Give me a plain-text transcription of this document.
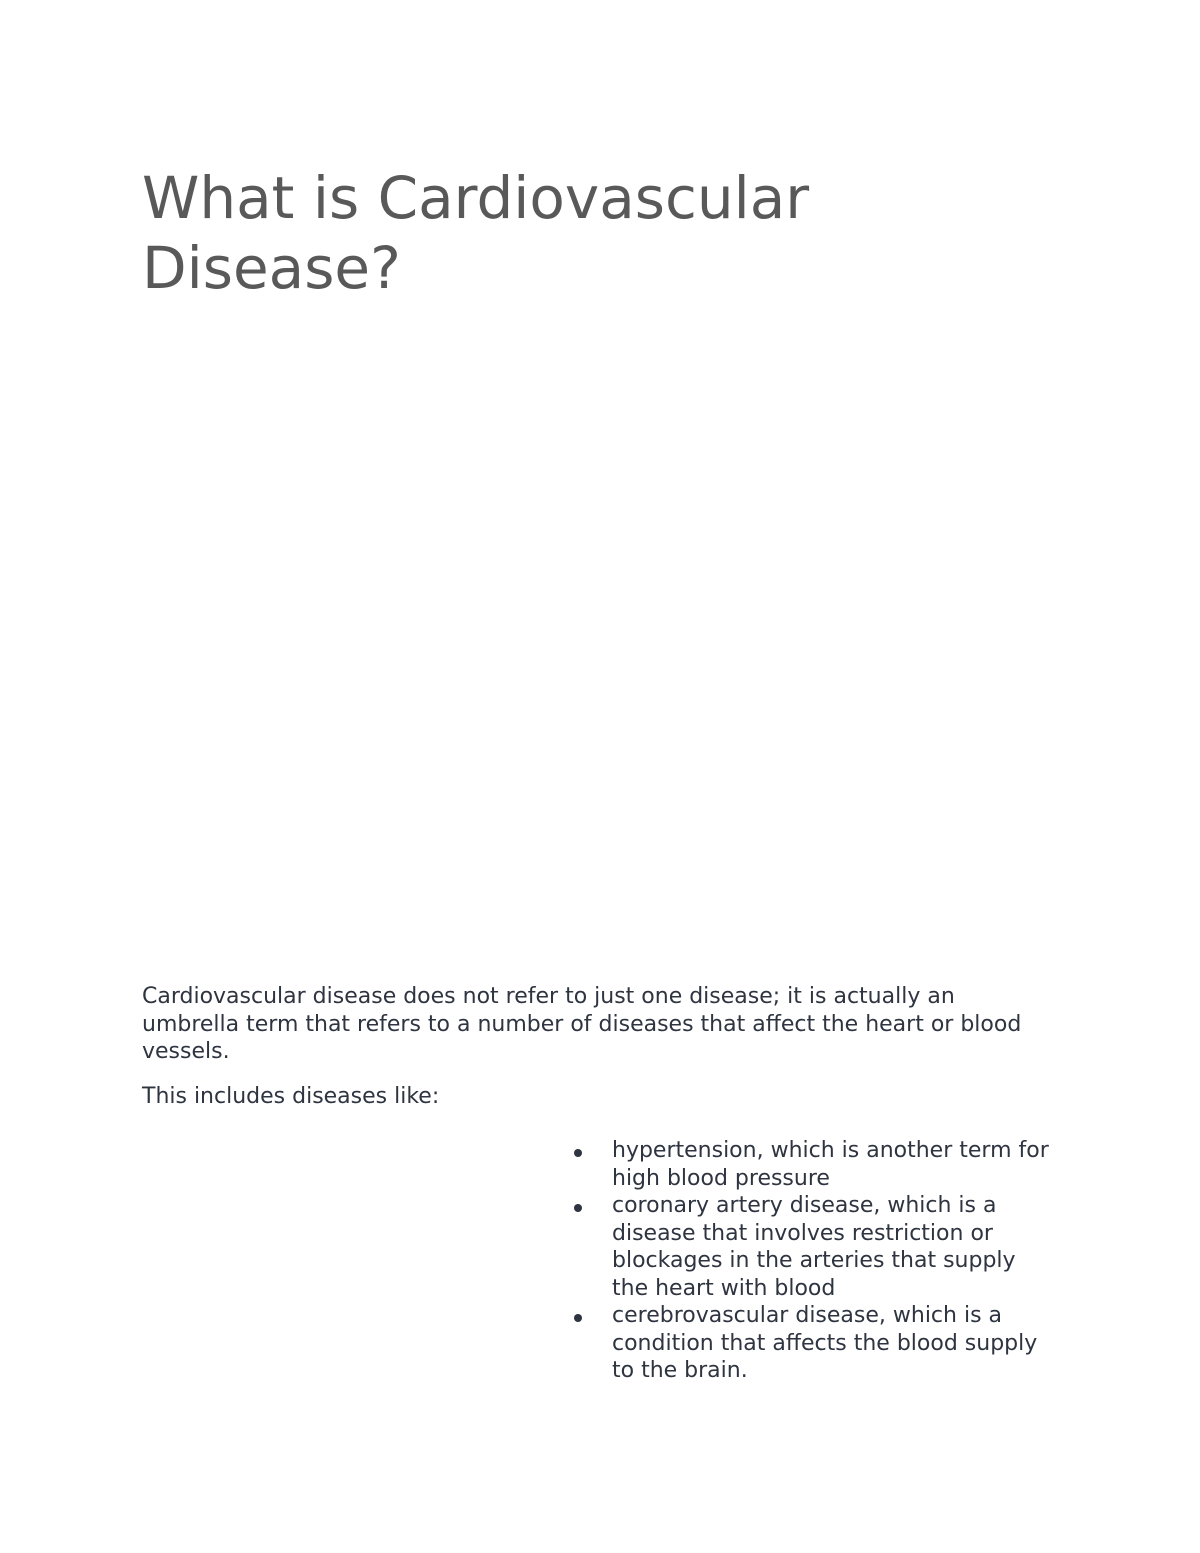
What is Cardiovascular Disease?

Cardiovascular disease does not refer to just one disease; it is actually an umbrella term that refers to a number of diseases that affect the heart or blood vessels.

This includes diseases like:

hypertension, which is another term for high blood pressure
coronary artery disease, which is a disease that involves restriction or blockages in the arteries that supply the heart with blood
cerebrovascular disease, which is a condition that affects the blood supply to the brain.
